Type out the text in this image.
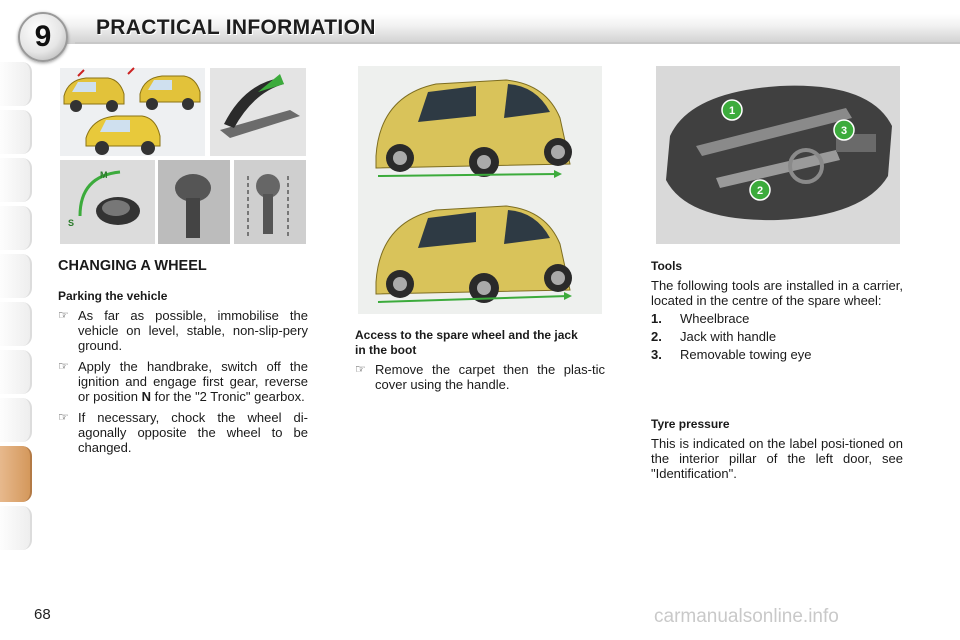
9	PRACTICAL INFORMATION
M
S
1
2
3
CHANGING A WHEEL
Parking the vehicle
☞ As far as possible, immobilise the vehicle on level, stable, non-slip-pery ground.
☞ Apply the handbrake, switch off the ignition and engage first gear, reverse or position N for the "2 Tronic" gearbox.
☞ If necessary, chock the wheel di-agonally opposite the wheel to be changed.
Access to the spare wheel and the jack in the boot
☞ Remove the carpet then the plas-tic cover using the handle.
Tools
The following tools are installed in a carrier, located in the centre of the spare wheel:
1.	Wheelbrace
2.	Jack with handle
3.	Removable towing eye
Tyre pressure
This is indicated on the label posi-tioned on the interior pillar of the left door, see "Identification".
68	carmanualsonline.info
